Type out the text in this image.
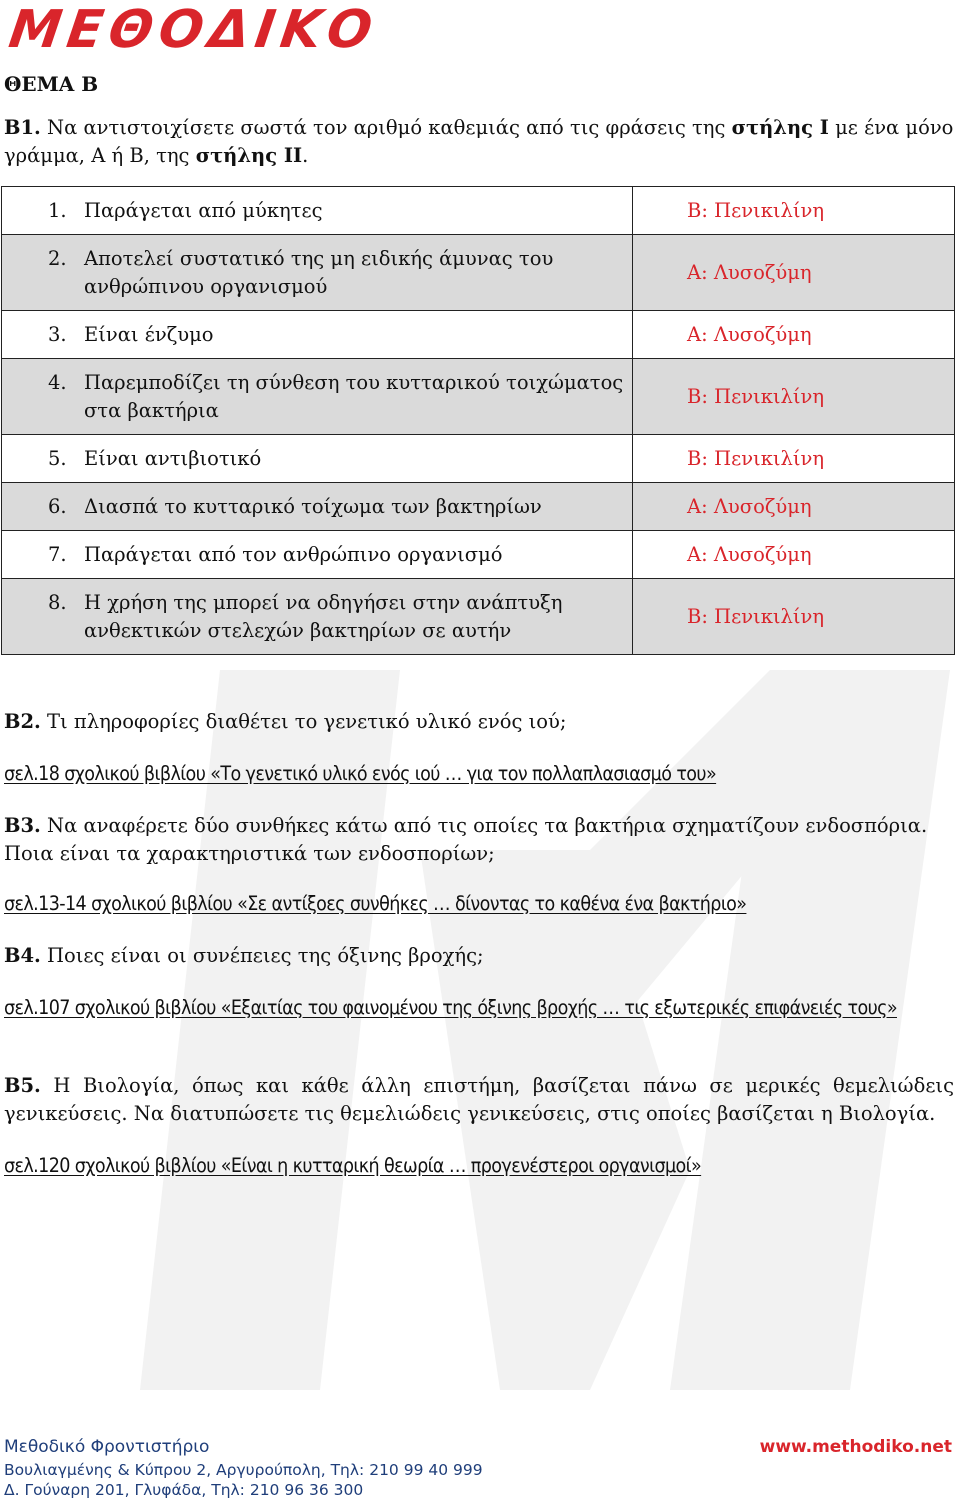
ΜΕΘΟΔΙΚΟ
ΘΕΜΑ Β
Β1. Να αντιστοιχίσετε σωστά τον αριθμό καθεμιάς από τις φράσεις της στήλης Ι με ένα μόνο γράμμα, Α ή Β, της στήλης ΙΙ.
1. Παράγεται από μύκητες	Β: Πενικιλίνη

2. Αποτελεί συστατικό της μη ειδικής άμυνας του ανθρώπινου οργανισμού	Α: Λυσοζύμη

3. Είναι ένζυμο	Α: Λυσοζύμη

4. Παρεμποδίζει τη σύνθεση του κυτταρικού τοιχώματος στα βακτήρια	Β: Πενικιλίνη

5. Είναι αντιβιοτικό	Β: Πενικιλίνη

6. Διασπά το κυτταρικό τοίχωμα των βακτηρίων	Α: Λυσοζύμη

7. Παράγεται από τον ανθρώπινο οργανισμό	Α: Λυσοζύμη

8. Η χρήση της μπορεί να οδηγήσει στην ανάπτυξη ανθεκτικών στελεχών βακτηρίων σε αυτήν	Β: Πενικιλίνη
Β2. Τι πληροφορίες διαθέτει το γενετικό υλικό ενός ιού;
σελ.18 σχολικού βιβλίου «Το γενετικό υλικό ενός ιού … για τον πολλαπλασιασμό του»
Β3. Να αναφέρετε δύο συνθήκες κάτω από τις οποίες τα βακτήρια σχηματίζουν ενδοσπόρια. Ποια είναι τα χαρακτηριστικά των ενδοσπορίων;
σελ.13-14 σχολικού βιβλίου «Σε αντίξοες συνθήκες … δίνοντας το καθένα ένα βακτήριο»
Β4. Ποιες είναι οι συνέπειες της όξινης βροχής;
σελ.107 σχολικού βιβλίου «Εξαιτίας του φαινομένου της όξινης βροχής … τις εξωτερικές επιφάνειές τους»
Β5. Η Βιολογία, όπως και κάθε άλλη επιστήμη, βασίζεται πάνω σε μερικές θεμελιώδεις γενικεύσεις. Να διατυπώσετε τις θεμελιώδεις γενικεύσεις, στις οποίες βασίζεται η Βιολογία.
σελ.120 σχολικού βιβλίου «Είναι η κυτταρική θεωρία … προγενέστεροι οργανισμοί»
Μεθοδικό Φροντιστήριο	www.methodiko.net
Βουλιαγμένης & Κύπρου 2, Αργυρούπολη, Τηλ: 210 99 40 999
Δ. Γούναρη 201, Γλυφάδα, Τηλ: 210 96 36 300
